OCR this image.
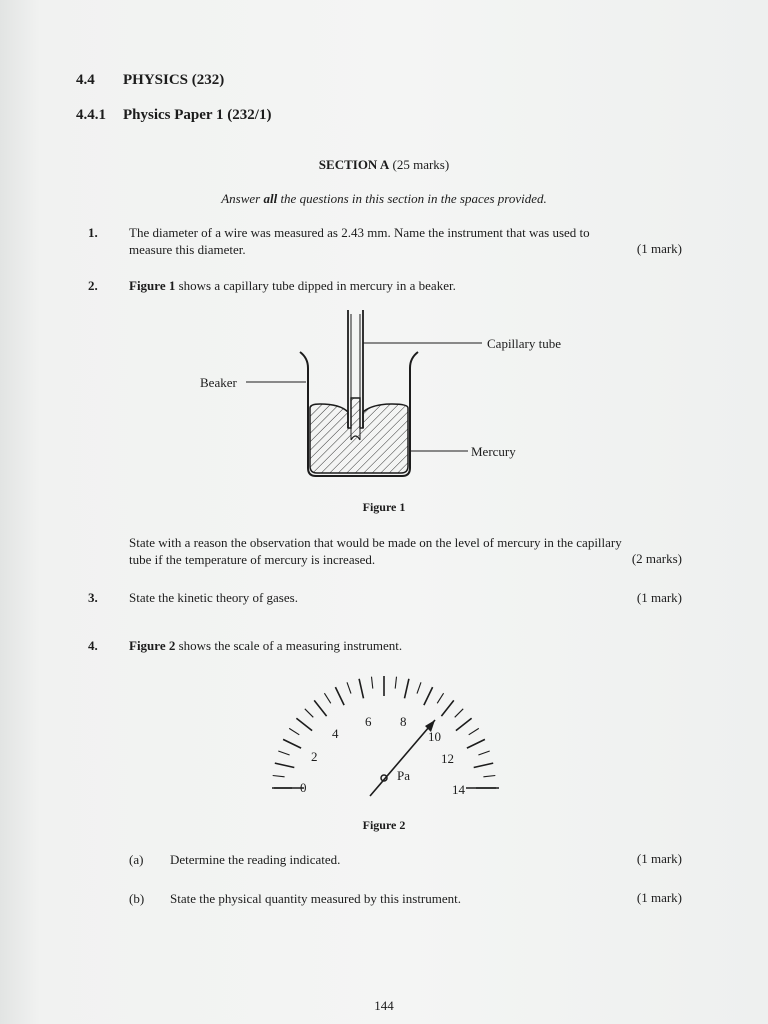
4.4 PHYSICS (232)
4.4.1 Physics Paper 1 (232/1)
SECTION A (25 marks)
Answer all the questions in this section in the spaces provided.
1. The diameter of a wire was measured as 2.43 mm. Name the instrument that was used to
measure this diameter.	(1 mark)
2. Figure 1 shows a capillary tube dipped in mercury in a beaker.
Capillary tube
Beaker
Mercury
Figure 1
State with a reason the observation that would be made on the level of mercury in the capillary
tube if the temperature of mercury is increased.	(2 marks)
3. State the kinetic theory of gases.	(1 mark)
4. Figure 2 shows the scale of a measuring instrument.
0
2
4
6 8
10
12
14
Pa
Figure 2
(a) Determine the reading indicated.	(1 mark)
(b) State the physical quantity measured by this instrument.	(1 mark)
144
